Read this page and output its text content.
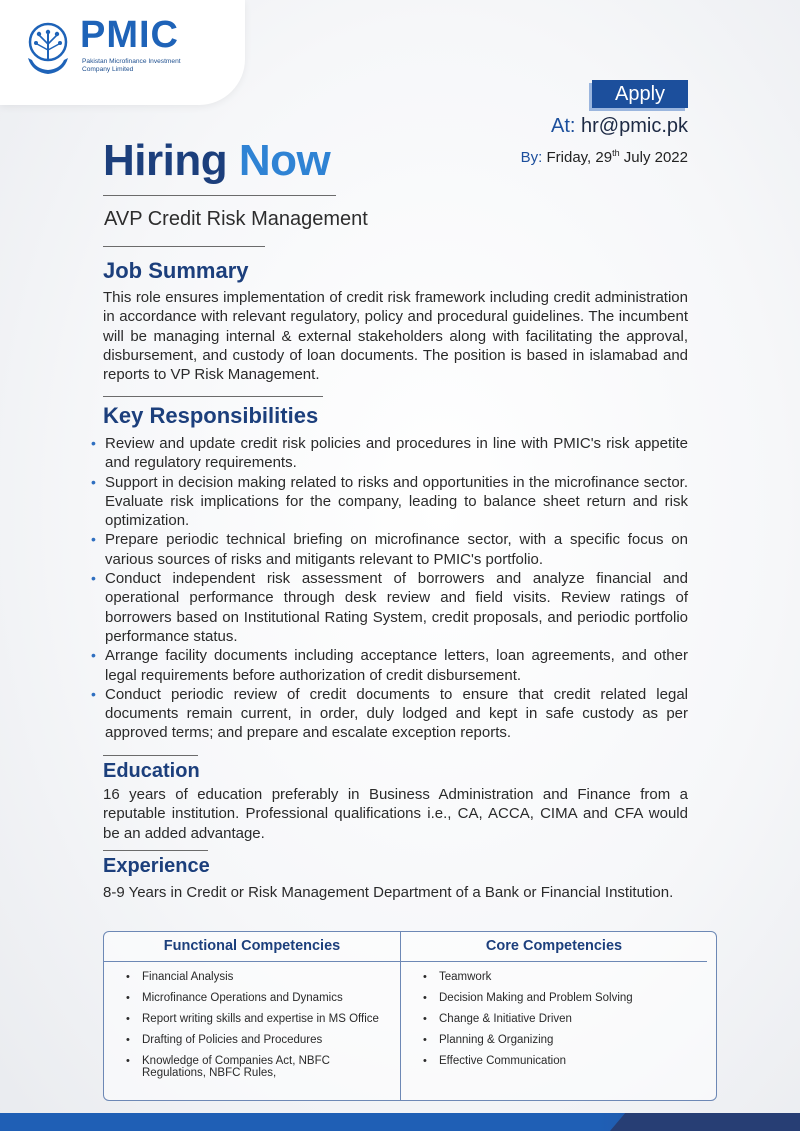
PMIC
Pakistan Microfinance Investment
Company Limited
Apply
At: hr@pmic.pk
By: Friday, 29th July 2022
Hiring Now
AVP Credit Risk Management
Job Summary
This role ensures implementation of credit risk framework including credit administration in accordance with relevant regulatory, policy and procedural guidelines. The incumbent will be managing internal & external stakeholders along with facilitating the approval, disbursement, and custody of loan documents. The position is based in islamabad and reports to VP Risk Management.
Key Responsibilities
• Review and update credit risk policies and procedures in line with PMIC's risk appetite and regulatory requirements.
• Support in decision making related to risks and opportunities in the microfinance sector. Evaluate risk implications for the company, leading to balance sheet return and risk optimization.
• Prepare periodic technical briefing on microfinance sector, with a specific focus on various sources of risks and mitigants relevant to PMIC's portfolio.
• Conduct independent risk assessment of borrowers and analyze financial and operational performance through desk review and field visits. Review ratings of borrowers based on Institutional Rating System, credit proposals, and periodic portfolio performance status.
• Arrange facility documents including acceptance letters, loan agreements, and other legal requirements before authorization of credit disbursement.
• Conduct periodic review of credit documents to ensure that credit related legal documents remain current, in order, duly lodged and kept in safe custody as per approved terms; and prepare and escalate exception reports.
Education
16 years of education preferably in Business Administration and Finance from a reputable institution. Professional qualifications i.e., CA, ACCA, CIMA and CFA would be an added advantage.
Experience
8-9 Years in Credit or Risk Management Department of a Bank or Financial Institution.
Functional Competencies
• Financial Analysis
• Microfinance Operations and Dynamics
• Report writing skills and expertise in MS Office
• Drafting of Policies and Procedures
• Knowledge of Companies Act, NBFC Regulations, NBFC Rules,
Core Competencies
• Teamwork
• Decision Making and Problem Solving
• Change & Initiative Driven
• Planning & Organizing
• Effective Communication
